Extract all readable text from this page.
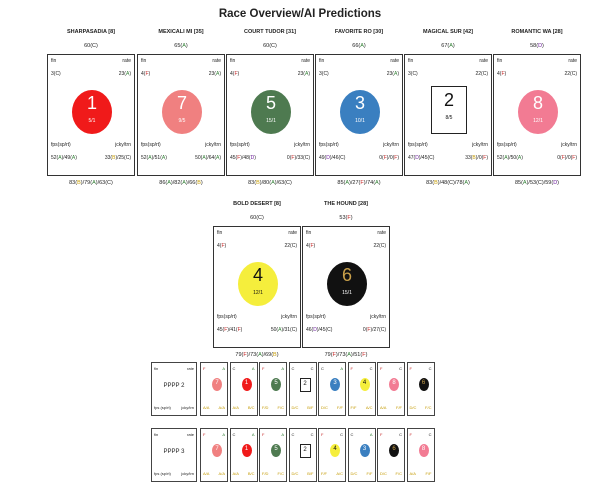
Race Overview/AI Predictions
SHARPASADIA [8]
60(C)
fin	rate
3(C)	23(A)
fps(sp/rt)	jcky/trn
52(A)/49(A)	33(B)/25(C)
1
5/1
83(B)/79(A)/63(C)
MEXICALI MI [35]
65(A)
fin	rate
4(F)	23(A)
fps(sp/rt)	jcky/trn
52(A)/51(A)	50(A)/64(A)
7
9/5
86(A)/82(A)/66(B)
COURT TUDOR [31]
60(C)
fin	rate
4(F)	23(A)
fps(sp/rt)	jcky/trn
45(F)/48(D)	0(F)/33(C)
5
15/1
83(B)/80(A)/63(C)
FAVORITE RO [30]
66(A)
fin	rate
3(C)	23(A)
fps(sp/rt)	jcky/trn
49(D)/46(C)	0(F)/0(F)
3
10/1
85(A)/27(F)/74(A)
MAGICAL SUR [42]
67(A)
fin	rate
3(C)	22(C)
fps(sp/rt)	jcky/trn
47(D)/45(C)	33(B)/0(F)
2
8/5
83(B)/48(C)/78(A)
ROMANTIC WA [28]
58(D)
fin	rate
4(F)	22(C)
fps(sp/rt)	jcky/trn
52(A)/50(A)	0(F)/0(F)
8
12/1
85(A)/53(C)/59(D)
BOLD DESERT [8]
60(C)
fin	rate
4(F)	22(C)
fps(sp/rt)	jcky/trn
45(F)/41(F)	50(A)/31(C)
4
12/1
79(F)/73(A)/69(B)
THE HOUND [28]
53(F)
fin	rate
4(F)	22(C)
fps(sp/rt)	jcky/trn
46(D)/45(C)	0(F)/27(C)
6
15/1
79(F)/73(A)/51(F)
fin	rate
PPPP 2
fps (sp/rt)	jcky/trn
F	A
7
A/A A/A
C	A
1
A/A B/C
F	A
5
F/D F/C
C	C
2
D/C B/F
C	A
3
D/C F/F
F	C
4
F/F A/C
F	C
8
A/A F/F
F	C
6
D/C F/C
fin	rate
PPPP 3
fps (sp/rt)	jcky/trn
F	A
7
A/A A/A
C	A
1
A/A B/C
F	A
5
F/D F/C
C	C
2
D/C B/F
F	C
4
F/F A/C
C	A
3
D/C F/F
F	C
6
D/C F/C
F	C
8
A/A F/F
